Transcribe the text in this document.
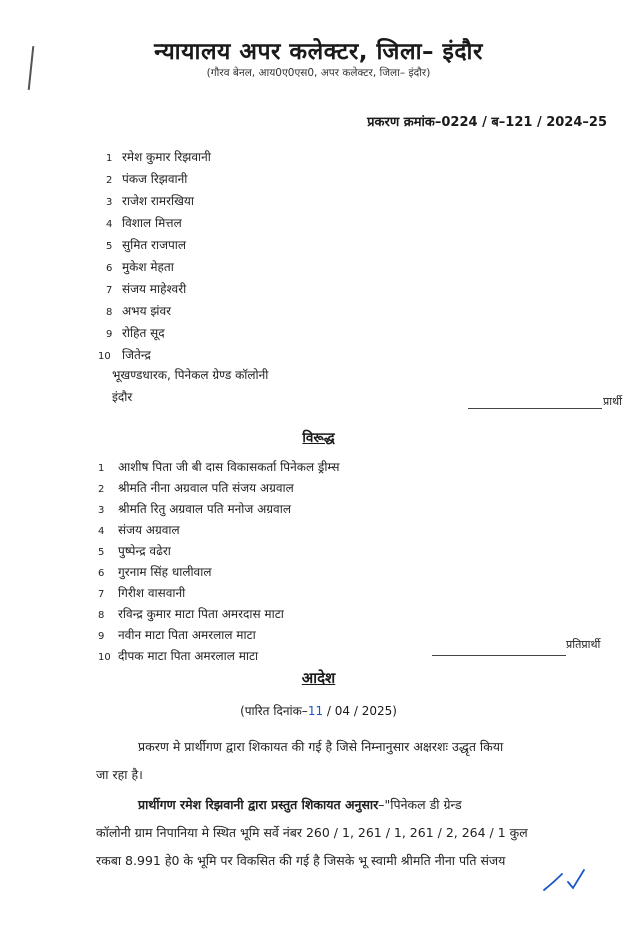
न्यायालय अपर कलेक्टर, जिला– इंदौर
(गौरव बेनल, आय0ए0एस0, अपर कलेक्टर, जिला– इंदौर)
प्रकरण क्रमांक–0224 / ब–121 / 2024–25
1 रमेश कुमार रिझवानी
2 पंकज रिझवानी
3 राजेश रामरखिया
4 विशाल मित्तल
5 सुमित राजपाल
6 मुकेश मेहता
7 संजय माहेश्वरी
8 अभय झंवर
9 रोहित सूद
10 जितेन्द्र
भूखण्डधारक, पिनेकल ग्रेण्ड कॉलोनी
इंदौर	प्रार्थी
विरूद्ध
1 आशीष पिता जी बी दास विकासकर्ता पिनेकल ड्रीम्स
2 श्रीमति नीना अग्रवाल पति संजय अग्रवाल
3 श्रीमति रितु अग्रवाल पति मनोज अग्रवाल
4 संजय अग्रवाल
5 पुष्पेन्द्र वढेरा
6 गुरनाम सिंह धालीवाल
7 गिरीश वासवानी
8 रविन्द्र कुमार माटा पिता अमरदास माटा
9 नवीन माटा पिता अमरलाल माटा
10 दीपक माटा पिता अमरलाल माटा
प्रतिप्रार्थी
आदेश
(पारित दिनांक–11 / 04 / 2025)
प्रकरण मे प्रार्थीगण द्वारा शिकायत की गई है जिसे निम्नानुसार अक्षरशः उद्धृत किया
जा रहा है।
प्रार्थीगण रमेश रिझवानी द्वारा प्रस्तुत शिकायत अनुसार–"पिनेकल डी ग्रेन्ड
कॉलोनी ग्राम निपानिया मे स्थित भूमि सर्वे नंबर 260 / 1, 261 / 1, 261 / 2, 264 / 1 कुल
रकबा 8.991 हे0 के भूमि पर विकसित की गई है जिसके भू स्वामी श्रीमति नीना पति संजय
